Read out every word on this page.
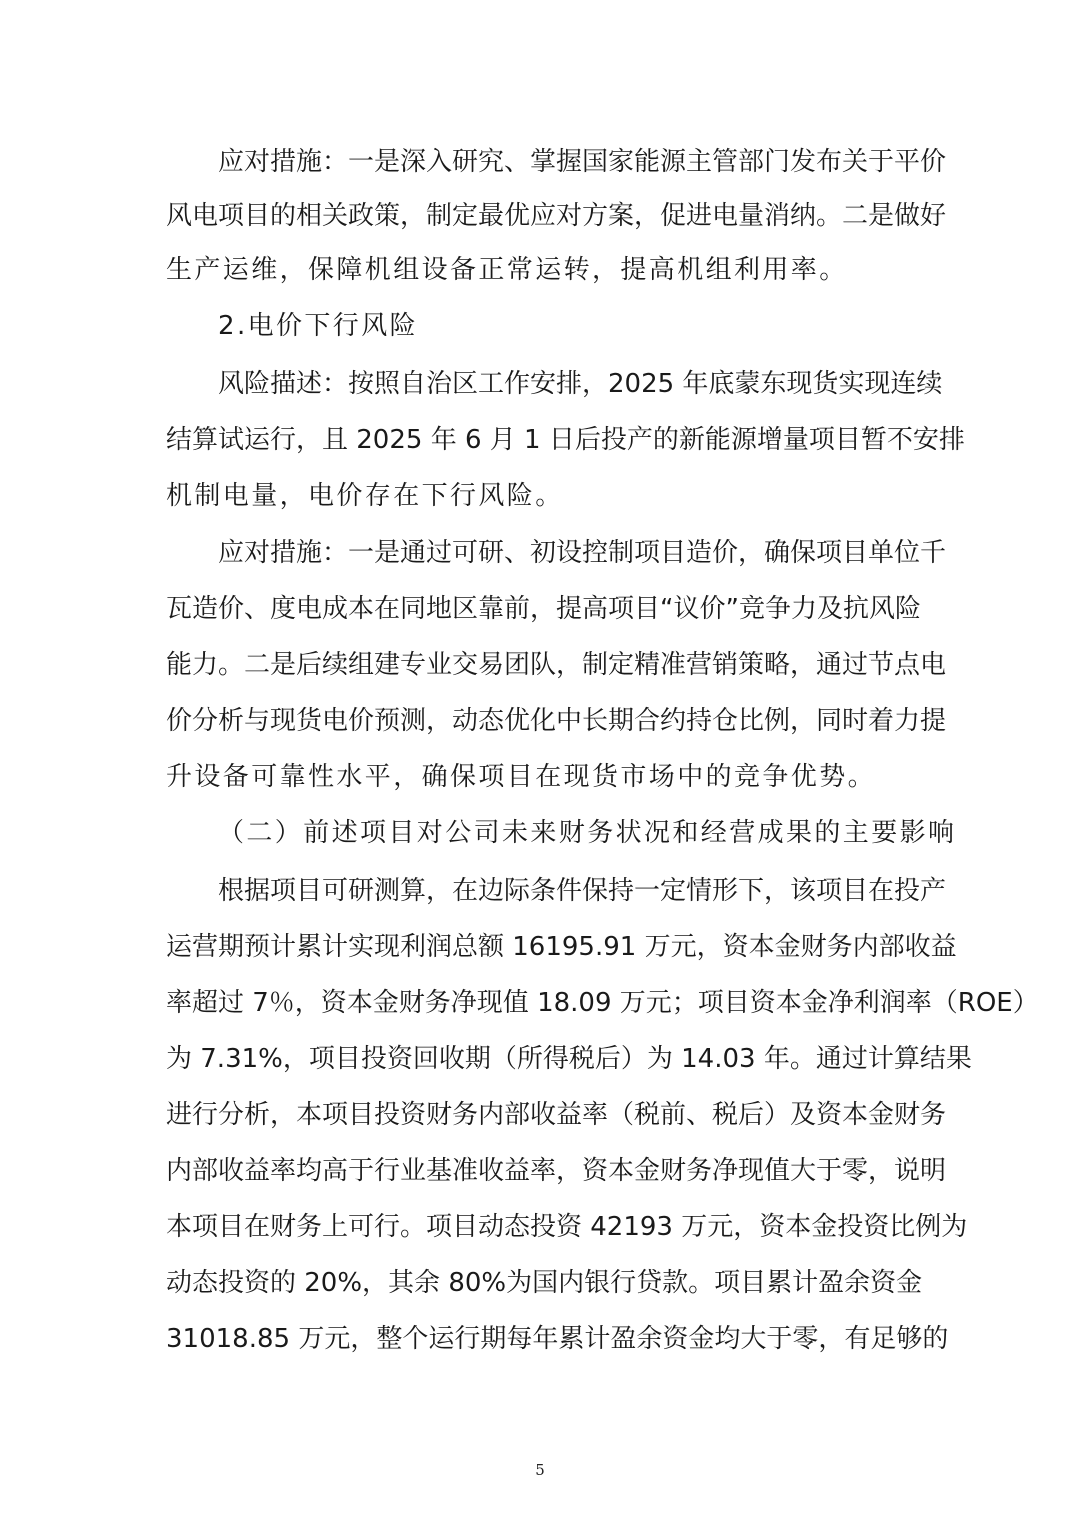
应对措施：一是深入研究、掌握国家能源主管部门发布关于平价
风电项目的相关政策，制定最优应对方案，促进电量消纳。二是做好
生产运维，保障机组设备正常运转，提高机组利用率。
2.电价下行风险
风险描述：按照自治区工作安排，2025 年底蒙东现货实现连续
结算试运行，且 2025 年 6 月 1 日后投产的新能源增量项目暂不安排
机制电量，电价存在下行风险。
应对措施：一是通过可研、初设控制项目造价，确保项目单位千
瓦造价、度电成本在同地区靠前，提高项目“议价”竞争力及抗风险
能力。二是后续组建专业交易团队，制定精准营销策略，通过节点电
价分析与现货电价预测，动态优化中长期合约持仓比例，同时着力提
升设备可靠性水平，确保项目在现货市场中的竞争优势。
（二）前述项目对公司未来财务状况和经营成果的主要影响
根据项目可研测算，在边际条件保持一定情形下，该项目在投产
运营期预计累计实现利润总额 16195.91 万元，资本金财务内部收益
率超过 7％，资本金财务净现值 18.09 万元；项目资本金净利润率（ROE）
为 7.31%，项目投资回收期（所得税后）为 14.03 年。通过计算结果
进行分析，本项目投资财务内部收益率（税前、税后）及资本金财务
内部收益率均高于行业基准收益率，资本金财务净现值大于零，说明
本项目在财务上可行。项目动态投资 42193 万元，资本金投资比例为
动态投资的 20%，其余 80%为国内银行贷款。项目累计盈余资金
31018.85 万元，整个运行期每年累计盈余资金均大于零，有足够的
5
